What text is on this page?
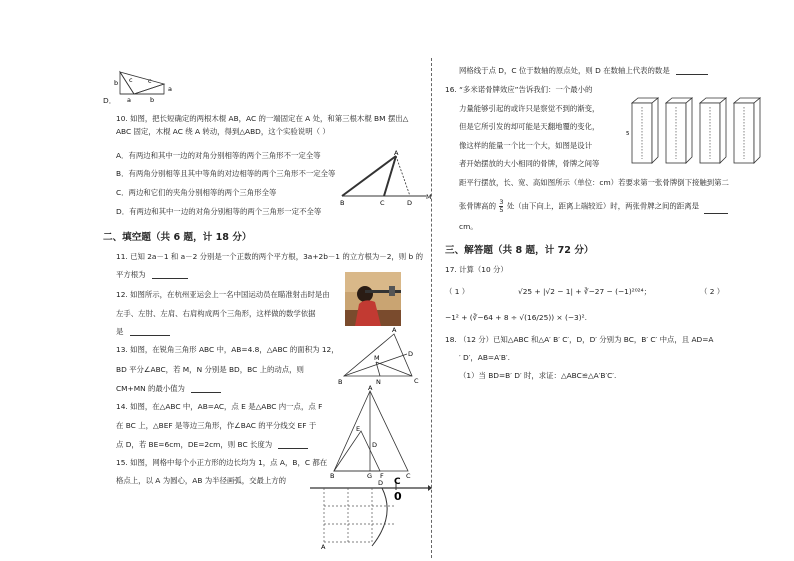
D．
b c c
a	b
a
10. 如图，把长短确定的两根木棍 AB，AC 的一端固定在 A 处，和第三根木棍 BM 摆出△
ABC 固定，木棍 AC 绕 A 转动，得到△ABD，这个实验说明（ ）
A．有两边和其中一边的对角分别相等的两个三角形不一定全等
B．有两角分别相等且其中等角的对边相等的两个三角形不一定全等
C．两边和它们的夹角分别相等的两个三角形全等
D．有两边和其中一边的对角分别相等的两个三角形一定不全等
A
B	C	D
M
二、填空题（共 6 题，计 18 分）
11. 已知 2a－1 和 a－2 分别是一个正数的两个平方根，3a+2b－1 的立方根为－2，则 b 的
平方根为
12. 如图所示，在杭州亚运会上一名中国运动员在瞄准射击时是由
左手、左肘、左肩、右肩构成两个三角形，这样做的数学依据
是
13. 如图，在锐角三角形 ABC 中，AB=4.8，△ABC 的面积为 12，
BD 平分∠ABC，若 M，N 分别是 BD，BC 上的动点，则
CM+MN 的最小值为
A
B	C
D
M
N
14. 如图，在△ABC 中，AB=AC，点 E 是△ABC 内一点，点 F
在 BC 上，△BEF 是等边三角形，作∠BAC 的平分线交 EF 于
点 D，若 BE=6cm，DE=2cm，则 BC 长度为
A
E
D
B	G F	C
15. 如图，网格中每个小正方形的边长均为 1，点 A，B，C 都在
格点上，以 A 为圆心，AB 为半径画弧，交最上方的	D C
0
A
网格线于点 D，C 位于数轴的原点处，则 D 在数轴上代表的数是
16. “多米诺骨牌效应”告诉我们：一个最小的
力量能够引起的或许只是察觉不到的渐变，
但是它所引发的却可能是天翻地覆的变化，
像这样的能量一个比一个大，如图是设计
者开始摆放的大小相同的骨牌，骨牌之间等
距平行摆放，长、宽、高如图所示（单位：cm）若要求第一张骨牌倒下接触到第二
张骨牌高的 $\frac{3}{5}$ 处（由下向上，距离上端较近）时，两张骨牌之间的距离是
cm。
5
三、解答题（共 8 题，计 72 分）
17. 计算（10 分）
（ 1 ）	√25 + |√2 − 1| + ∛−27 − (−1)²⁰²⁴；	（ 2 ）
−1² + (∛−64 + 8 ÷ √(16/25)) × (−3)².
18. （12 分）已知△ABC 和△A′ B′ C′，D，D′ 分别为 BC，B′ C′ 中点，且 AD=A
′ D′，AB=A′B′.
（1）当 BD=B′ D′ 时，求证：△ABC≌△A′B′C′.
